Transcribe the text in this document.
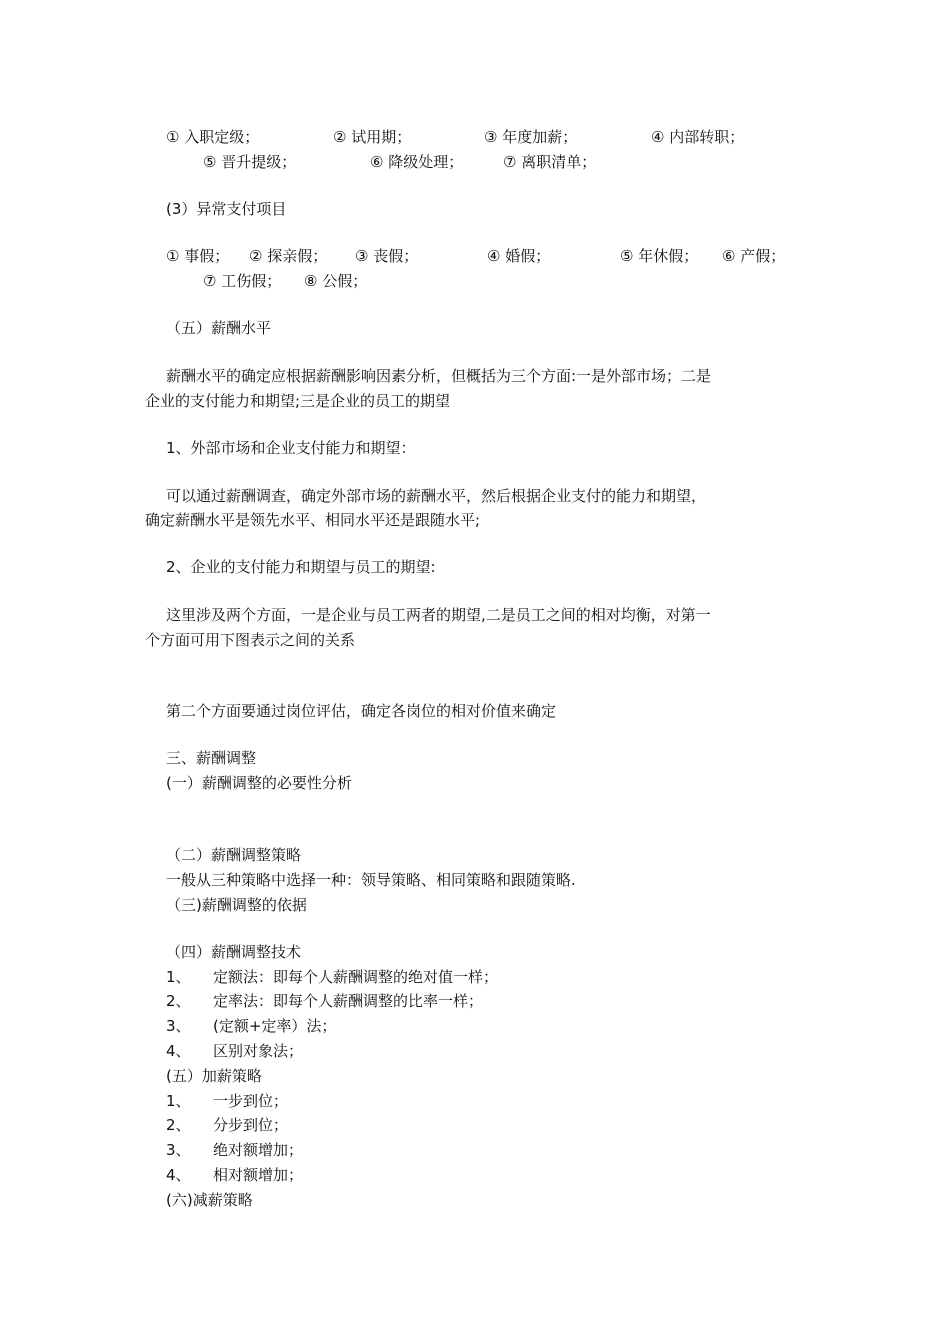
① 入职定级；	② 试用期；	③ 年度加薪；	④ 内部转职；
⑤ 晋升提级；	⑥ 降级处理；	⑦ 离职清单；
(3）异常支付项目
① 事假； ② 探亲假； ③ 丧假；	④ 婚假；	⑤ 年休假； ⑥ 产假；
⑦ 工伤假； ⑧ 公假；
（五）薪酬水平
薪酬水平的确定应根据薪酬影响因素分析，但概括为三个方面:一是外部市场；二是
企业的支付能力和期望;三是企业的员工的期望
1、外部市场和企业支付能力和期望：
可以通过薪酬调查，确定外部市场的薪酬水平，然后根据企业支付的能力和期望，
确定薪酬水平是领先水平、相同水平还是跟随水平;
2、企业的支付能力和期望与员工的期望:
这里涉及两个方面，一是企业与员工两者的期望,二是员工之间的相对均衡，对第一
个方面可用下图表示之间的关系
第二个方面要通过岗位评估，确定各岗位的相对价值来确定
三、薪酬调整
(一）薪酬调整的必要性分析
（二）薪酬调整策略
一般从三种策略中选择一种：领导策略、相同策略和跟随策略.
（三)薪酬调整的依据
（四）薪酬调整技术
1、 定额法：即每个人薪酬调整的绝对值一样；
2、 定率法：即每个人薪酬调整的比率一样；
3、 (定额+定率）法；
4、 区别对象法；
(五）加薪策略
1、 一步到位；
2、 分步到位；
3、 绝对额增加；
4、 相对额增加；
(六)减薪策略
